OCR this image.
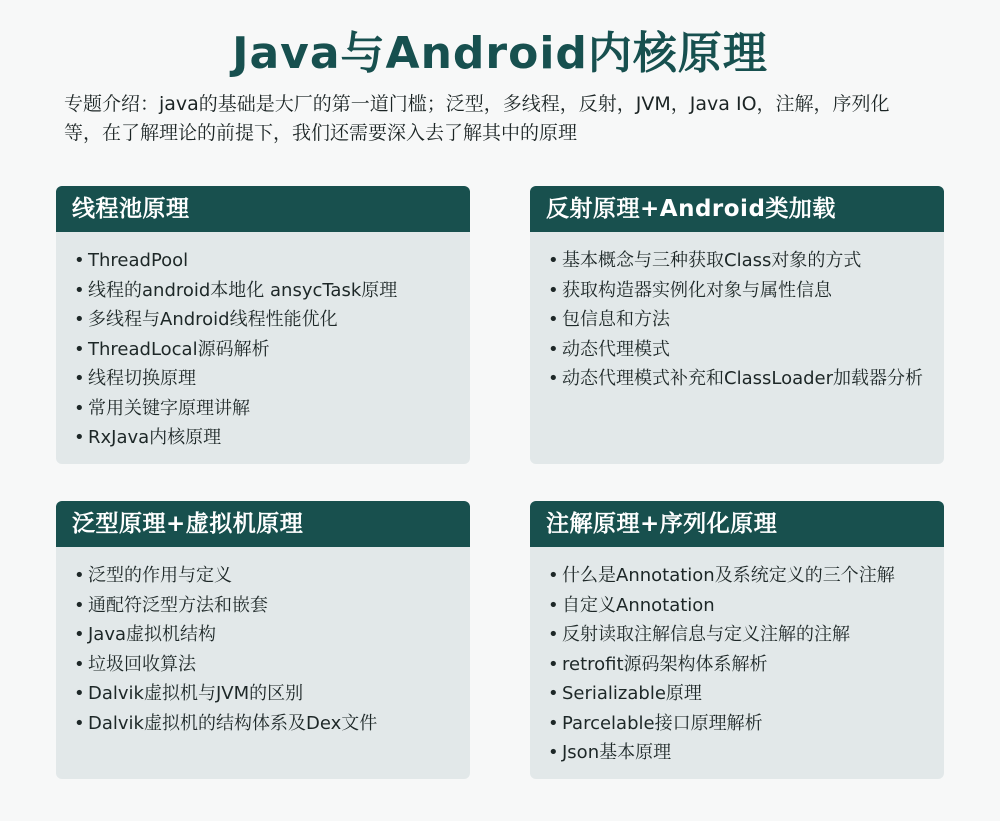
Java与Android内核原理
专题介绍：java的基础是大厂的第一道门槛；泛型，多线程，反射，JVM，Java IO，注解，序列化
等，在了解理论的前提下，我们还需要深入去了解其中的原理
线程池原理
• ThreadPool
• 线程的android本地化 ansycTask原理
• 多线程与Android线程性能优化
• ThreadLocal源码解析
• 线程切换原理
• 常用关键字原理讲解
• RxJava内核原理
反射原理+Android类加载
• 基本概念与三种获取Class对象的方式
• 获取构造器实例化对象与属性信息
• 包信息和方法
• 动态代理模式
• 动态代理模式补充和ClassLoader加载器分析
泛型原理+虚拟机原理
• 泛型的作用与定义
• 通配符泛型方法和嵌套
• Java虚拟机结构
• 垃圾回收算法
• Dalvik虚拟机与JVM的区别
• Dalvik虚拟机的结构体系及Dex文件
注解原理+序列化原理
• 什么是Annotation及系统定义的三个注解
• 自定义Annotation
• 反射读取注解信息与定义注解的注解
• retrofit源码架构体系解析
• Serializable原理
• Parcelable接口原理解析
• Json基本原理
